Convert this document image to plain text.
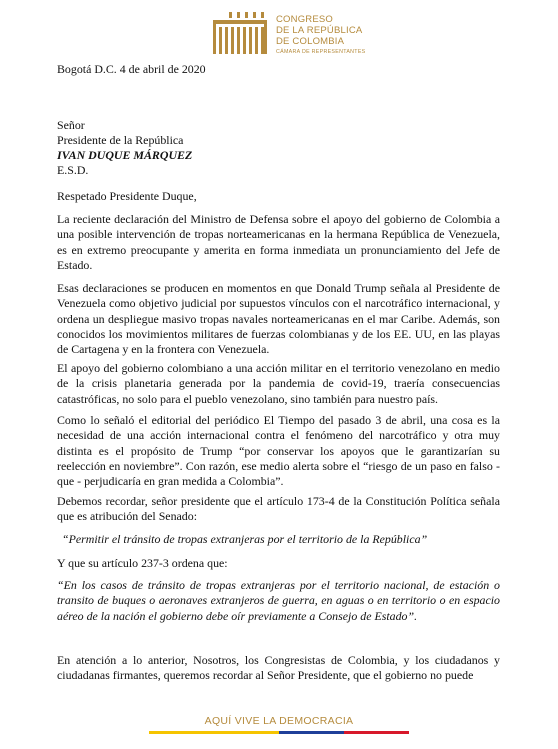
CONGRESO
DE LA REPÚBLICA
DE COLOMBIA
CÁMARA DE REPRESENTANTES
Bogotá D.C. 4 de abril de 2020
Señor
Presidente de la República
IVAN DUQUE MÁRQUEZ
E.S.D.
Respetado Presidente Duque,

La reciente declaración del Ministro de Defensa sobre el apoyo del gobierno de Colombia a una posible intervención de tropas norteamericanas en la hermana República de Venezuela, es en extremo preocupante y amerita en forma inmediata un pronunciamiento del Jefe de Estado.

Esas declaraciones se producen en momentos en que Donald Trump señala al Presidente de Venezuela como objetivo judicial por supuestos vínculos con el narcotráfico internacional, y ordena un despliegue masivo tropas navales norteamericanas en el mar Caribe. Además, son conocidos los movimientos militares de fuerzas colombianas y de los EE. UU, en las playas de Cartagena y en la frontera con Venezuela.

El apoyo del gobierno colombiano a una acción militar en el territorio venezolano en medio de la crisis planetaria generada por la pandemia de covid-19, traería consecuencias catastróficas, no solo para el pueblo venezolano, sino también para nuestro país.

Como lo señaló el editorial del periódico El Tiempo del pasado 3 de abril, una cosa es la necesidad de una acción internacional contra el fenómeno del narcotráfico y otra muy distinta es el propósito de Trump “por conservar los apoyos que le garantizarían su reelección en noviembre”. Con razón, ese medio alerta sobre el “riesgo de un paso en falso -que - perjudicaría en gran medida a Colombia”.

Debemos recordar, señor presidente que el artículo 173-4 de la Constitución Política señala que es atribución del Senado:

“Permitir el tránsito de tropas extranjeras por el territorio de la República”

Y que su artículo 237-3 ordena que:

“En los casos de tránsito de tropas extranjeras por el territorio nacional, de estación o transito de buques o aeronaves extranjeros de guerra, en aguas o en territorio o en espacio aéreo de la nación el gobierno debe oír previamente a Consejo de Estado”.

En atención a lo anterior, Nosotros, los Congresistas de Colombia, y los ciudadanos y ciudadanas firmantes, queremos recordar al Señor Presidente, que el gobierno no puede

AQUÍ VIVE LA DEMOCRACIA
